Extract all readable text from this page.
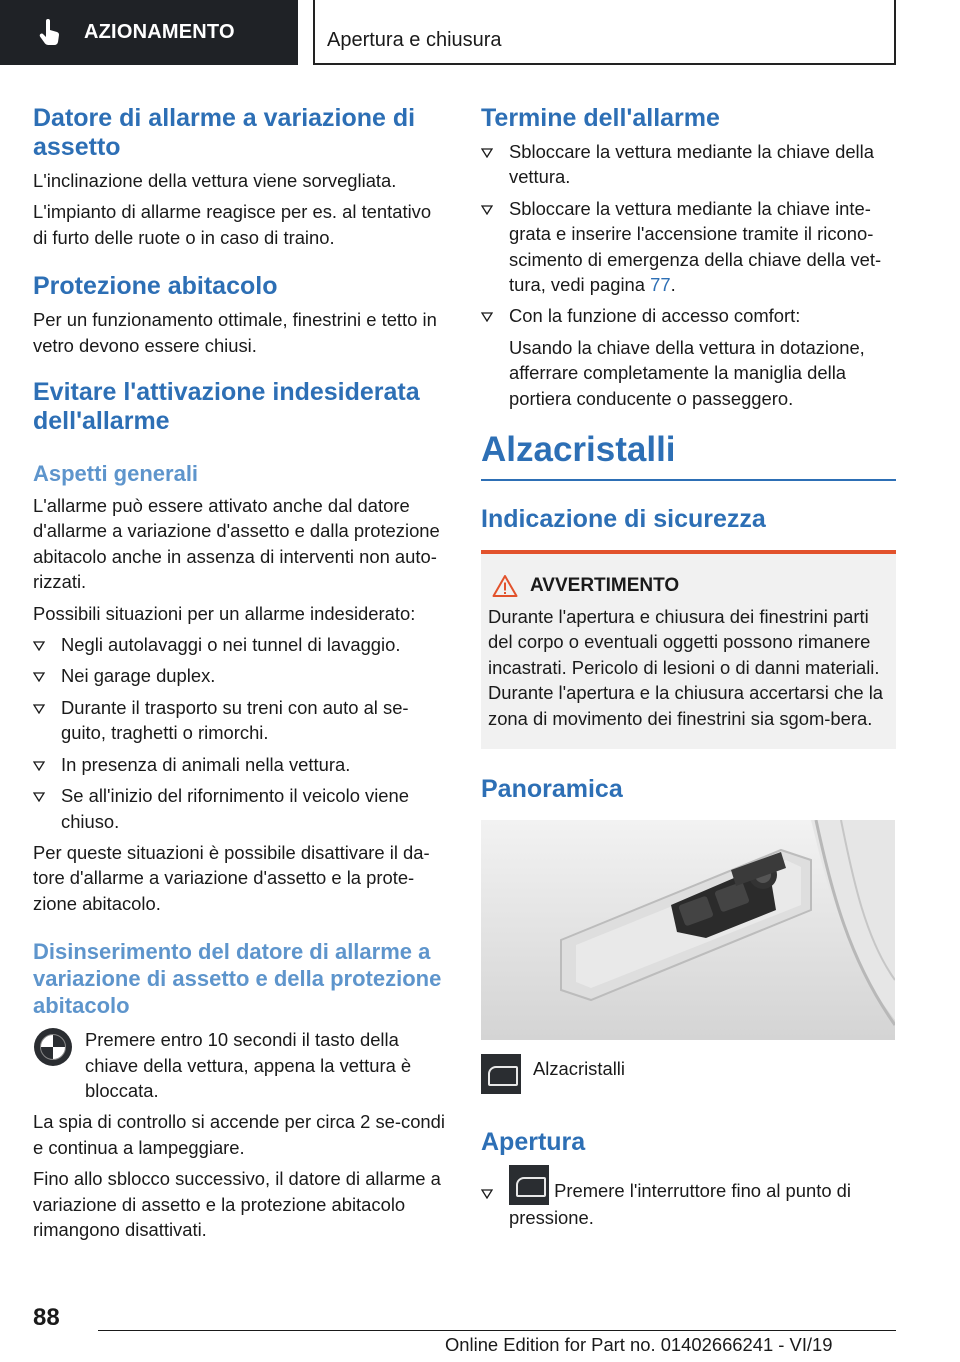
AZIONAMENTO	Apertura e chiusura
Datore di allarme a variazione di assetto

L'inclinazione della vettura viene sorvegliata.

L'impianto di allarme reagisce per es. al tentativo di furto delle ruote o in caso di traino.

Protezione abitacolo

Per un funzionamento ottimale, finestrini e tetto in vetro devono essere chiusi.

Evitare l'attivazione indesiderata dell'allarme
Aspetti generali

L'allarme può essere attivato anche dal datore d'allarme a variazione d'assetto e dalla protezione abitacolo anche in assenza di interventi non auto-rizzati.

Possibili situazioni per un allarme indesiderato:

Negli autolavaggi o nei tunnel di lavaggio.
Nei garage duplex.
Durante il trasporto su treni con auto al se-guito, traghetti o rimorchi.
In presenza di animali nella vettura.
Se all'inizio del rifornimento il veicolo viene chiuso.

Per queste situazioni è possibile disattivare il da-tore d'allarme a variazione d'assetto e la prote-zione abitacolo.

Disinserimento del datore di allarme a variazione di assetto e della protezione abitacolo

Premere entro 10 secondi il tasto della chiave della vettura, appena la vettura è bloccata.

La spia di controllo si accende per circa 2 se-condi e continua a lampeggiare.

Fino allo sblocco successivo, il datore di allarme a variazione di assetto e la protezione abitacolo rimangono disattivati.

Termine dell'allarme
Sbloccare la vettura mediante la chiave della vettura.
Sbloccare la vettura mediante la chiave inte-grata e inserire l'accensione tramite il ricono-scimento di emergenza della chiave della vet-tura, vedi pagina 77.
Con la funzione di accesso comfort:
Usando la chiave della vettura in dotazione, afferrare completamente la maniglia della portiera conducente o passeggero.
Alzacristalli
Indicazione di sicurezza
AVVERTIMENTO

Durante l'apertura e chiusura dei finestrini parti del corpo o eventuali oggetti possono rimanere incastrati. Pericolo di lesioni o di danni materiali. Durante l'apertura e la chiusura accertarsi che la zona di movimento dei finestrini sia sgom-bera.

Panoramica

Alzacristalli

Apertura
Premere l'interruttore fino al punto di pressione.
88
Online Edition for Part no. 01402666241 - VI/19
